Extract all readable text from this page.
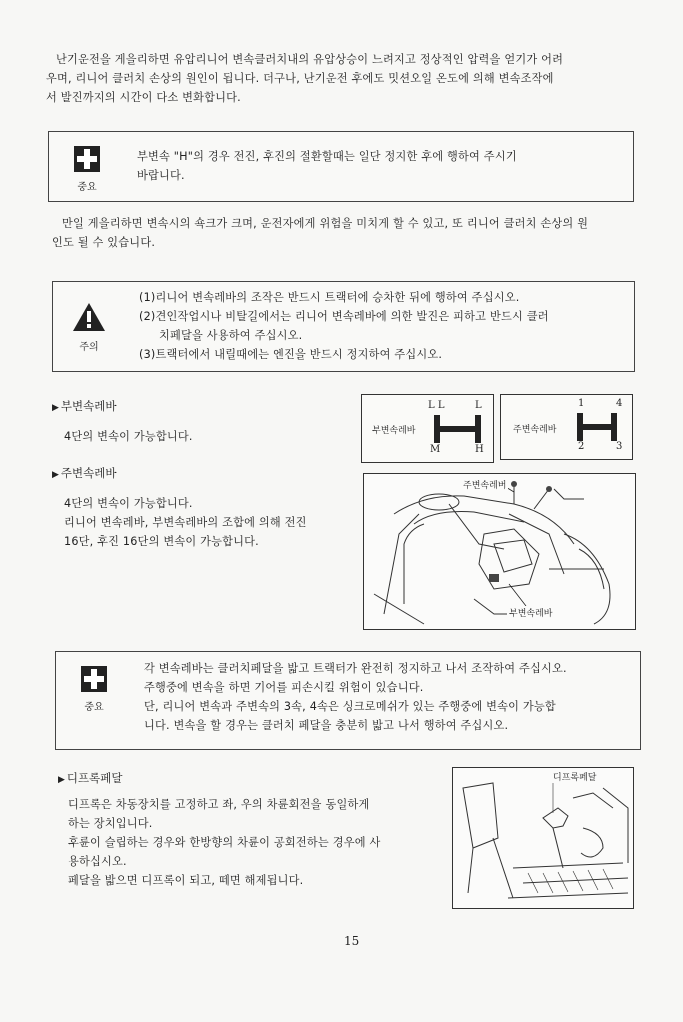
난기운전을 게을리하면 유압리니어 변속클러치내의 유압상승이 느려지고 정상적인 압력을 얻기가 어려
우며, 리니어 클러치 손상의 원인이 됩니다. 더구나, 난기운전 후에도 밋션오일 온도에 의해 변속조작에
서 발진까지의 시간이 다소 변화합니다.
중요
부변속 "H"의 경우 전진, 후진의 절환할때는 일단 정지한 후에 행하여 주시기
바랍니다.
만일 게을리하면 변속시의 쇽크가 크며, 운전자에게 위험을 미치게 할 수 있고, 또 리니어 클러치 손상의 원
인도 될 수 있습니다.
주의
(1)리니어 변속레바의 조작은 반드시 트랙터에 승차한 뒤에 행하여 주십시오.
(2)견인작업시나 비탈길에서는 리니어 변속레바에 의한 발진은 피하고 반드시 클러
치페달을 사용하여 주십시오.
(3)트랙터에서 내릴때에는 엔진을 반드시 정지하여 주십시오.
▶ 부변속레바
4단의 변속이 가능합니다.	부변속레바
L L	L
M	H
주변속레바
1	4
2	3
▶ 주변속레바
4단의 변속이 가능합니다.
리니어 변속레바, 부변속레바의 조합에 의해 전진
16단, 후진 16단의 변속이 가능합니다.
주변속레버
부변속레바
중요
각 변속레바는 클러치페달을 밟고 트랙터가 완전히 정지하고 나서 조작하여 주십시오.
주행중에 변속을 하면 기어를 피손시킬 위험이 있습니다.
단, 리니어 변속과 주변속의 3속, 4속은 싱크로메쉬가 있는 주행중에 변속이 가능합
니다. 변속을 할 경우는 클러치 페달을 충분히 밟고 나서 행하여 주십시오.
▶ 디프록페달
디프록은 차동장치를 고정하고 좌, 우의 차륜회전을 동일하게
하는 장치입니다.
후륜이 슬립하는 경우와 한방향의 차륜이 공회전하는 경우에 사
용하십시오.
페달을 밟으면 디프록이 되고, 떼면 해제됩니다.
디프록페달
15
